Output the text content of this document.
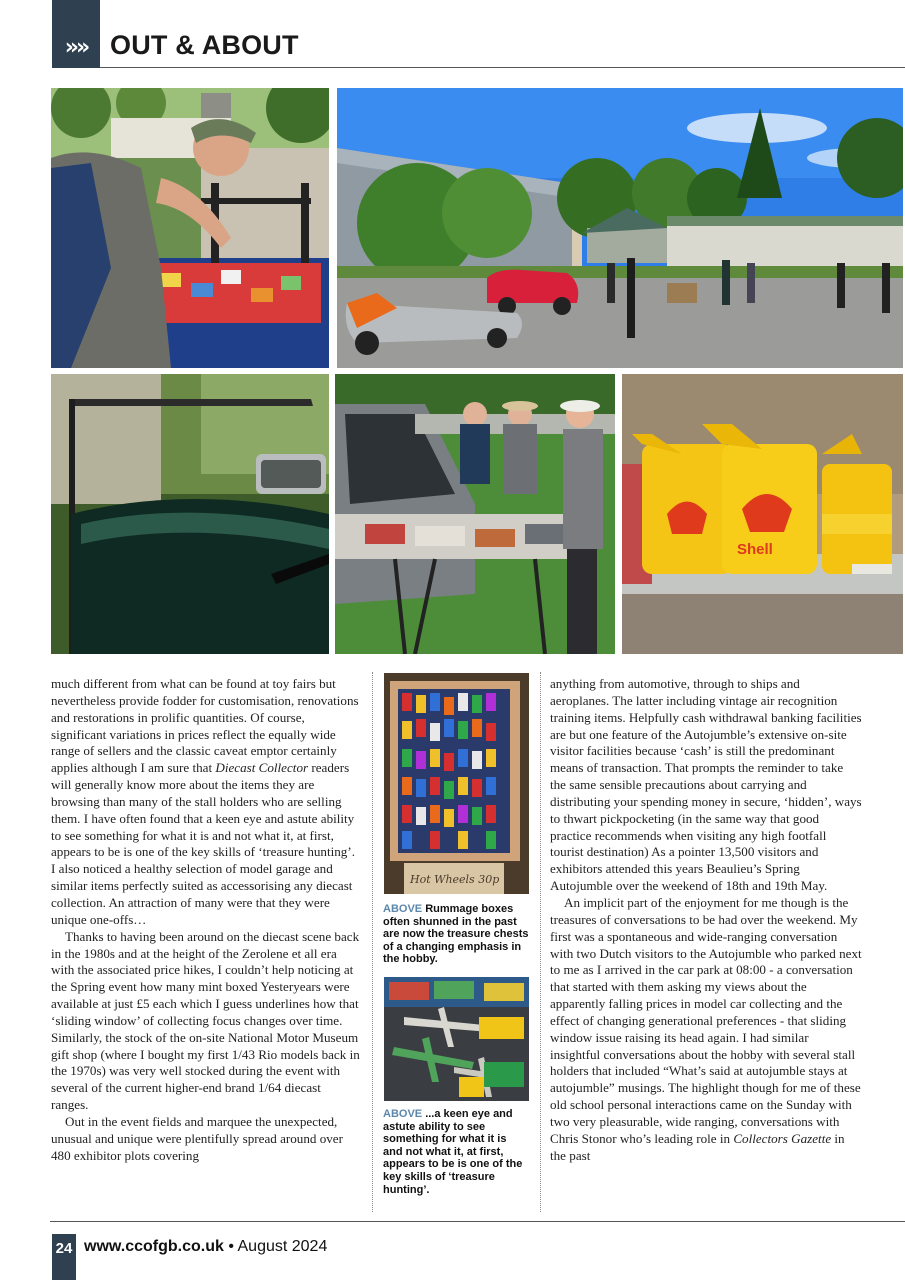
»» OUT & ABOUT
Shell

much different from what can be found at toy fairs but nevertheless provide fodder for customisation, renovations and restorations in prolific quantities. Of course, significant variations in prices reflect the equally wide range of sellers and the classic caveat emptor certainly applies although I am sure that Diecast Collector readers will generally know more about the items they are browsing than many of the stall holders who are selling them. I have often found that a keen eye and astute ability to see something for what it is and not what it, at first, appears to be is one of the key skills of ‘treasure hunting’. I also noticed a healthy selection of model garage and similar items perfectly suited as accessorising any diecast collection. An attraction of many were that they were unique one-offs…

Thanks to having been around on the diecast scene back in the 1980s and at the height of the Zerolene et all era with the associated price hikes, I couldn’t help noticing at the Spring event how many mint boxed Yesteryears were available at just £5 each which I guess underlines how that ‘sliding window’ of collecting focus changes over time. Similarly, the stock of the on-site National Motor Museum gift shop (where I bought my first 1/43 Rio models back in the 1970s) was very well stocked during the event with several of the current higher-end brand 1/64 diecast ranges.

Out in the event fields and marquee the unexpected, unusual and unique were plentifully spread around over 480 exhibitor plots covering

Hot Wheels 30p
ABOVE Rummage boxes often shunned in the past are now the treasure chests of a changing emphasis in the hobby.
ABOVE ...a keen eye and astute ability to see something for what it is and not what it, at first, appears to be is one of the key skills of ‘treasure hunting’.

anything from automotive, through to ships and aeroplanes. The latter including vintage air recognition training items. Helpfully cash withdrawal banking facilities are but one feature of the Autojumble’s extensive on-site visitor facilities because ‘cash’ is still the predominant means of transaction. That prompts the reminder to take the same sensible precautions about carrying and distributing your spending money in secure, ‘hidden’, ways to thwart pickpocketing (in the same way that good practice recommends when visiting any high footfall tourist destination) As a pointer 13,500 visitors and exhibitors attended this years Beaulieu’s Spring Autojumble over the weekend of 18th and 19th May.

An implicit part of the enjoyment for me though is the treasures of conversations to be had over the weekend. My first was a spontaneous and wide-ranging conversation with two Dutch visitors to the Autojumble who parked next to me as I arrived in the car park at 08:00 - a conversation that started with them asking my views about the apparently falling prices in model car collecting and the effect of changing generational preferences - that sliding window issue raising its head again. I had similar insightful conversations about the hobby with several stall holders that included “What’s said at autojumble stays at autojumble” musings. The highlight though for me of these old school personal interactions came on the Sunday with two very pleasurable, wide ranging, conversations with Chris Stonor who’s leading role in Collectors Gazette in the past

24 www.ccofgb.co.uk • August 2024
